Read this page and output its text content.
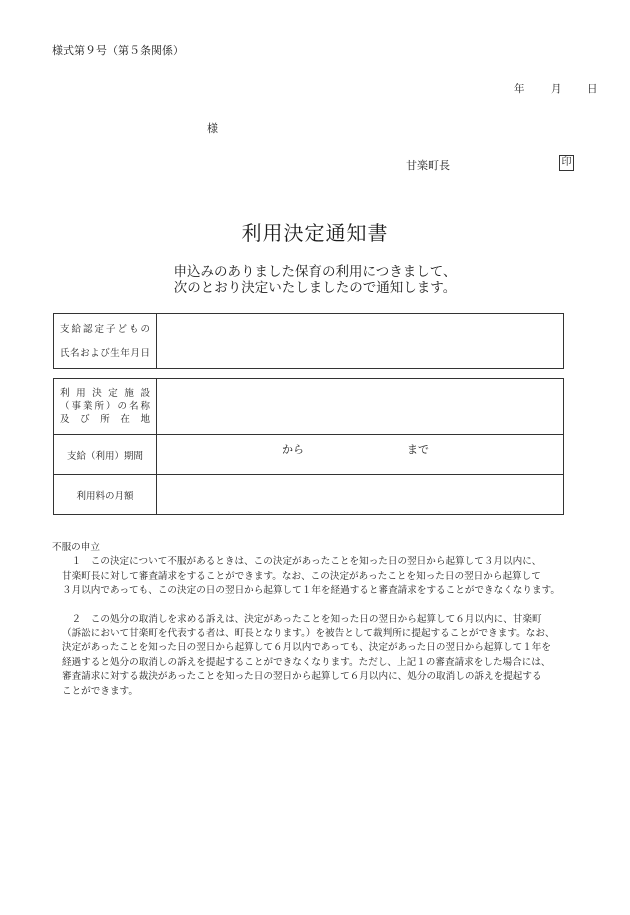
様式第９号（第５条関係）
年	月 日
様
甘楽町長	印
利用決定通知書
申込みのありました保育の利用につきまして、
次のとおり決定いたしましたので通知します。
支給認定子どもの
氏名および生年月日

利用決定施設
（事業所）の名称
及び所在地	

支給（利用）期間	から まで

利用料の月額	

不服の申立

　１　この決定について不服があるときは、この決定があったことを知った日の翌日から起算して３月以内に、

甘楽町長に対して審査請求をすることができます。なお、この決定があったことを知った日の翌日から起算して

３月以内であっても、この決定の日の翌日から起算して１年を経過すると審査請求をすることができなくなります。

　２　この処分の取消しを求める訴えは、決定があったことを知った日の翌日から起算して６月以内に、甘楽町

（訴訟において甘楽町を代表する者は、町長となります。）を被告として裁判所に提起することができます。なお、

決定があったことを知った日の翌日から起算して６月以内であっても、決定があった日の翌日から起算して１年を

経過すると処分の取消しの訴えを提起することができなくなります。ただし、上記１の審査請求をした場合には、

審査請求に対する裁決があったことを知った日の翌日から起算して６月以内に、処分の取消しの訴えを提起する

ことができます。
